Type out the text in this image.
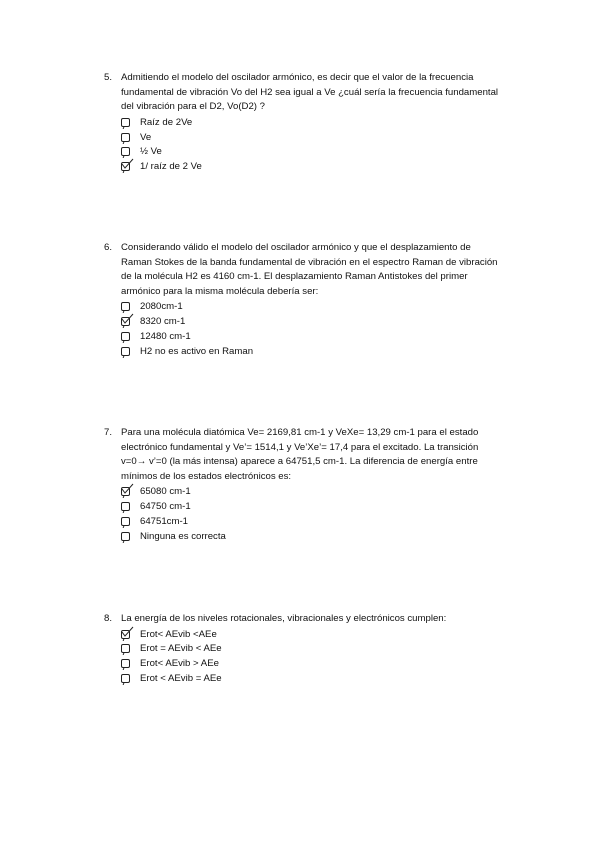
5. Admitiendo el modelo del oscilador armónico, es decir que el valor de la frecuencia fundamental de vibración Vo del H2 sea igual a Ve ¿cuál sería la frecuencia fundamental del vibración para el D2, Vo(D2) ?
Raíz de 2Ve
Ve
½ Ve
1/ raíz de 2 Ve
6. Considerando válido el modelo del oscilador armónico y que el desplazamiento de Raman Stokes de la banda fundamental de vibración en el espectro Raman de vibración de la molécula H2 es 4160 cm-1. El desplazamiento Raman Antistokes del primer armónico para la misma molécula debería ser:
2080cm-1
8320 cm-1
12480 cm-1
H2 no es activo en Raman
7. Para una molécula diatómica Ve= 2169,81 cm-1 y VeXe= 13,29 cm-1 para el estado electrónico fundamental y Ve’= 1514,1 y Ve’Xe’= 17,4 para el excitado. La transición v=0→ v’=0 (la más intensa) aparece a 64751,5 cm-1. La diferencia de energía entre mínimos de los estados electrónicos es:
65080 cm-1
64750 cm-1
64751cm-1
Ninguna es correcta
8. La energía de los niveles rotacionales, vibracionales y electrónicos cumplen:
Erot< AEvib <AEe
Erot = AEvib < AEe
Erot< AEvib > AEe
Erot < AEvib = AEe
